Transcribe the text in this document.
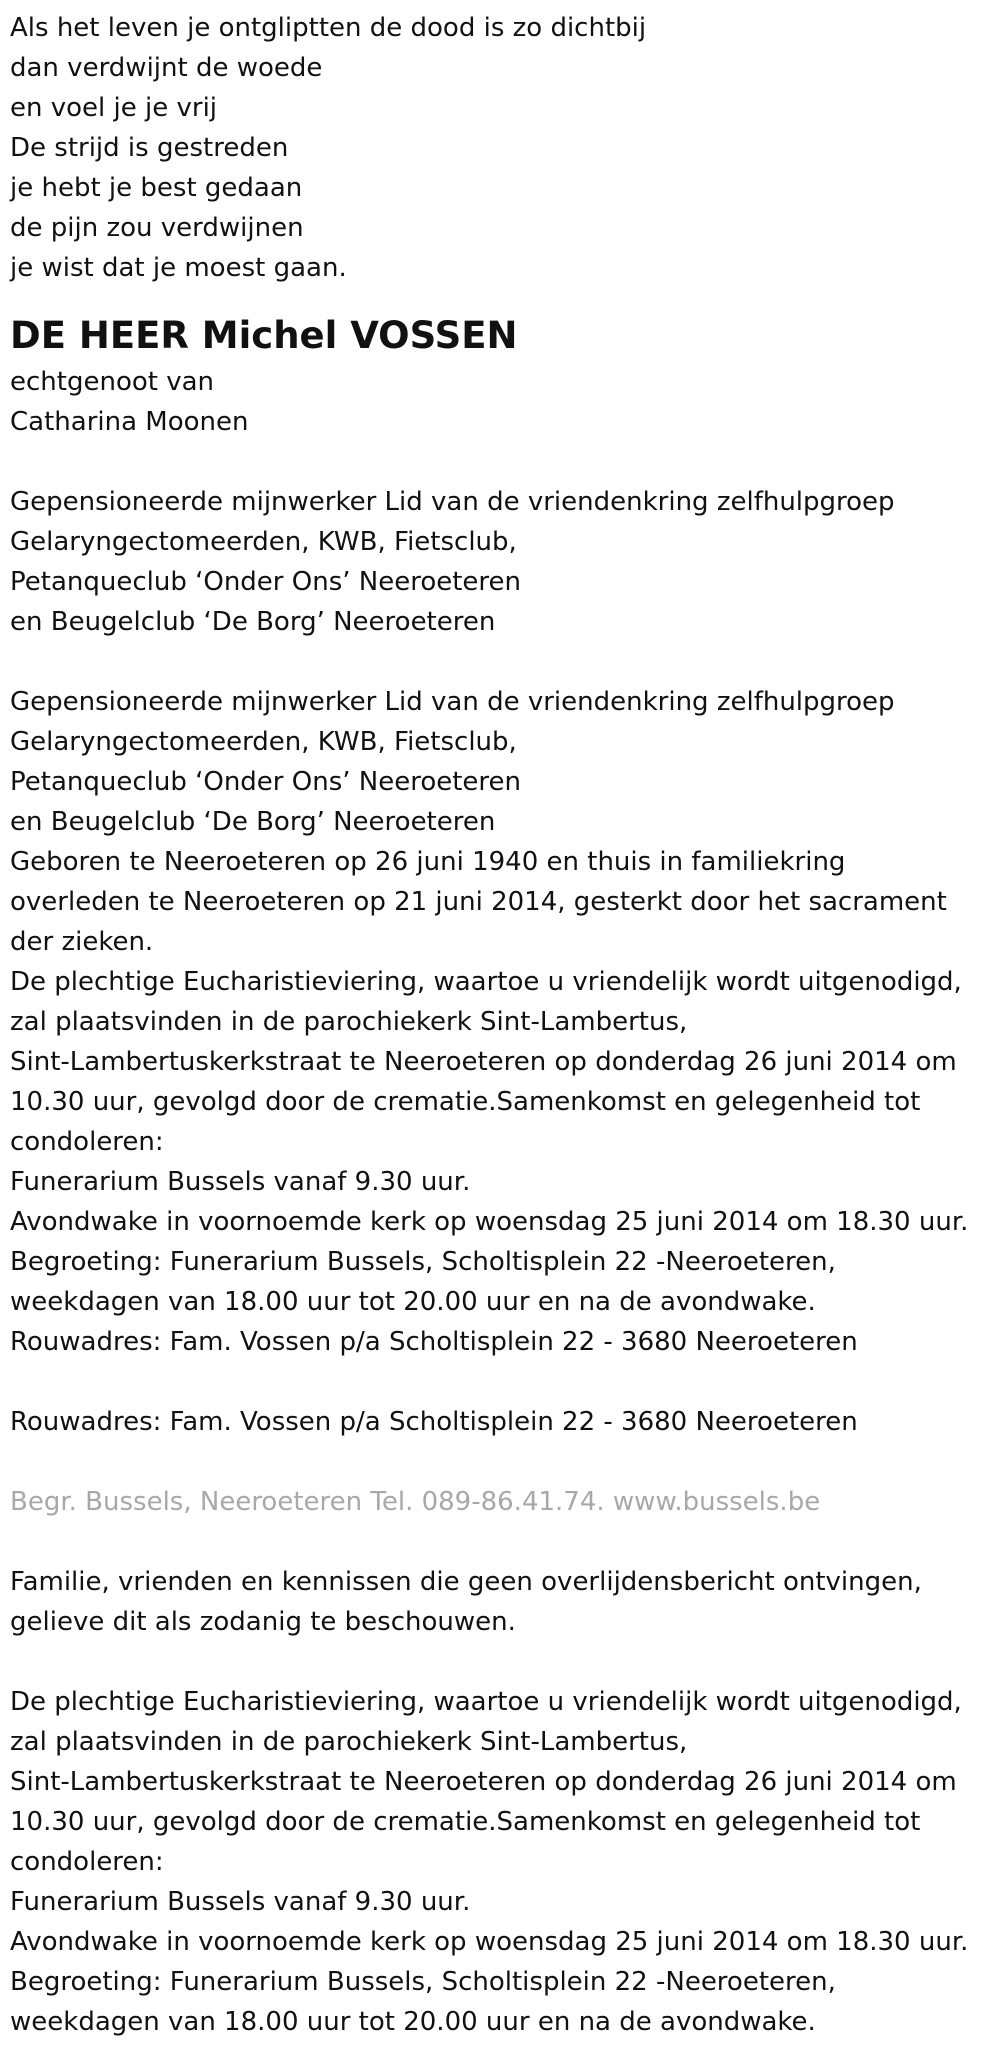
Als het leven je ontgliptten de dood is zo dichtbij
dan verdwijnt de woede
en voel je je vrij
De strijd is gestreden
je hebt je best gedaan
de pijn zou verdwijnen
je wist dat je moest gaan.
DE HEER Michel VOSSEN
echtgenoot van
Catharina Moonen
Gepensioneerde mijnwerker Lid van de vriendenkring zelfhulpgroep
Gelaryngectomeerden, KWB, Fietsclub,
Petanqueclub ‘Onder Ons’ Neeroeteren
en Beugelclub ‘De Borg’ Neeroeteren
Gepensioneerde mijnwerker Lid van de vriendenkring zelfhulpgroep
Gelaryngectomeerden, KWB, Fietsclub,
Petanqueclub ‘Onder Ons’ Neeroeteren
en Beugelclub ‘De Borg’ Neeroeteren
Geboren te Neeroeteren op 26 juni 1940 en thuis in familiekring
overleden te Neeroeteren op 21 juni 2014, gesterkt door het sacrament
der zieken.
De plechtige Eucharistieviering, waartoe u vriendelijk wordt uitgenodigd,
zal plaatsvinden in de parochiekerk Sint-Lambertus,
Sint-Lambertuskerkstraat te Neeroeteren op donderdag 26 juni 2014 om
10.30 uur, gevolgd door de crematie.Samenkomst en gelegenheid tot
condoleren:
Funerarium Bussels vanaf 9.30 uur.
Avondwake in voornoemde kerk op woensdag 25 juni 2014 om 18.30 uur.
Begroeting: Funerarium Bussels, Scholtisplein 22 -Neeroeteren,
weekdagen van 18.00 uur tot 20.00 uur en na de avondwake.
Rouwadres: Fam. Vossen p/a Scholtisplein 22 - 3680 Neeroeteren
Rouwadres: Fam. Vossen p/a Scholtisplein 22 - 3680 Neeroeteren
Begr. Bussels, Neeroeteren Tel. 089-86.41.74. www.bussels.be
Familie, vrienden en kennissen die geen overlijdensbericht ontvingen,
gelieve dit als zodanig te beschouwen.
De plechtige Eucharistieviering, waartoe u vriendelijk wordt uitgenodigd,
zal plaatsvinden in de parochiekerk Sint-Lambertus,
Sint-Lambertuskerkstraat te Neeroeteren op donderdag 26 juni 2014 om
10.30 uur, gevolgd door de crematie.Samenkomst en gelegenheid tot
condoleren:
Funerarium Bussels vanaf 9.30 uur.
Avondwake in voornoemde kerk op woensdag 25 juni 2014 om 18.30 uur.
Begroeting: Funerarium Bussels, Scholtisplein 22 -Neeroeteren,
weekdagen van 18.00 uur tot 20.00 uur en na de avondwake.
